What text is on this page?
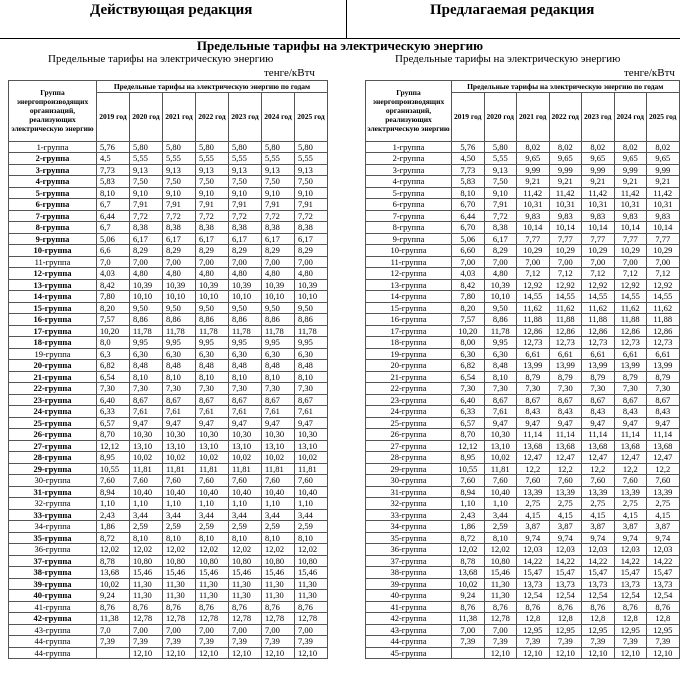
Действующая редакция	Предлагаемая редакция
Предельные тарифы на электрическую энергию
Предельные тарифы на электрическую энергию	Предельные тарифы на электрическую энергию
тенге/кВтч	тенге/кВтч
Группа энергопроизводящих организаций, реализующих электрическую энергию	Предельные тарифы на электрическую энергию по годам						
	2019 год	2020 год	2021 год	2022 год	2023 год	2024 год	2025 год
1-группа	5,76	5,80	5,80	5,80	5,80	5,80	5,80
2-группа	4,5	5,55	5,55	5,55	5,55	5,55	5,55
3-группа	7,73	9,13	9,13	9,13	9,13	9,13	9,13
4-группа	5,83	7,50	7,50	7,50	7,50	7,50	7,50
5-группа	8,10	9,10	9,10	9,10	9,10	9,10	9,10
6-группа	6,7	7,91	7,91	7,91	7,91	7,91	7,91
7-группа	6,44	7,72	7,72	7,72	7,72	7,72	7,72
8-группа	6,7	8,38	8,38	8,38	8,38	8,38	8,38
9-группа	5,06	6,17	6,17	6,17	6,17	6,17	6,17
10-группа	6,6	8,29	8,29	8,29	8,29	8,29	8,29
11-группа	7,0	7,00	7,00	7,00	7,00	7,00	7,00
12-группа	4,03	4,80	4,80	4,80	4,80	4,80	4,80
13-группа	8,42	10,39	10,39	10,39	10,39	10,39	10,39
14-группа	7,80	10,10	10,10	10,10	10,10	10,10	10,10
15-группа	8,20	9,50	9,50	9,50	9,50	9,50	9,50
16-группа	7,57	8,86	8,86	8,86	8,86	8,86	8,86
17-группа	10,20	11,78	11,78	11,78	11,78	11,78	11,78
18-группа	8,0	9,95	9,95	9,95	9,95	9,95	9,95
19-группа	6,3	6,30	6,30	6,30	6,30	6,30	6,30
20-группа	6,82	8,48	8,48	8,48	8,48	8,48	8,48
21-группа	6,54	8,10	8,10	8,10	8,10	8,10	8,10
22-группа	7,30	7,30	7,30	7,30	7,30	7,30	7,30
23-группа	6,40	8,67	8,67	8,67	8,67	8,67	8,67
24-группа	6,33	7,61	7,61	7,61	7,61	7,61	7,61
25-группа	6,57	9,47	9,47	9,47	9,47	9,47	9,47
26-группа	8,70	10,30	10,30	10,30	10,30	10,30	10,30
27-группа	12,12	13,10	13,10	13,10	13,10	13,10	13,10
28-группа	8,95	10,02	10,02	10,02	10,02	10,02	10,02
29-группа	10,55	11,81	11,81	11,81	11,81	11,81	11,81
30-группа	7,60	7,60	7,60	7,60	7,60	7,60	7,60
31-группа	8,94	10,40	10,40	10,40	10,40	10,40	10,40
32-группа	1,10	1,10	1,10	1,10	1,10	1,10	1,10
33-группа	2,43	3,44	3,44	3,44	3,44	3,44	3,44
34-группа	1,86	2,59	2,59	2,59	2,59	2,59	2,59
35-группа	8,72	8,10	8,10	8,10	8,10	8,10	8,10
36-группа	12,02	12,02	12,02	12,02	12,02	12,02	12,02
37-группа	8,78	10,80	10,80	10,80	10,80	10,80	10,80
38-группа	13,68	15,46	15,46	15,46	15,46	15,46	15,46
39-группа	10,02	11,30	11,30	11,30	11,30	11,30	11,30
40-группа	9,24	11,30	11,30	11,30	11,30	11,30	11,30
41-группа	8,76	8,76	8,76	8,76	8,76	8,76	8,76
42-группа	11,38	12,78	12,78	12,78	12,78	12,78	12,78
43-группа	7,0	7,00	7,00	7,00	7,00	7,00	7,00
44-группа	7,39	7,39	7,39	7,39	7,39	7,39	7,39
44-группа		12,10	12,10	12,10	12,10	12,10	12,10
Группа энергопроизводящих организаций, реализующих электрическую энергию	Предельные тарифы на электрическую энергию по годам						
	2019 год	2020 год	2021 год	2022 год	2023 год	2024 год	2025 год
1-группа	5,76	5,80	8,02	8,02	8,02	8,02	8,02
2-группа	4,50	5,55	9,65	9,65	9,65	9,65	9,65
3-группа	7,73	9,13	9,99	9,99	9,99	9,99	9,99
4-группа	5,83	7,50	9,21	9,21	9,21	9,21	9,21
5-группа	8,10	9,10	11,42	11,42	11,42	11,42	11,42
6-группа	6,70	7,91	10,31	10,31	10,31	10,31	10,31
7-группа	6,44	7,72	9,83	9,83	9,83	9,83	9,83
8-группа	6,70	8,38	10,14	10,14	10,14	10,14	10,14
9-группа	5,06	6,17	7,77	7,77	7,77	7,77	7,77
10-группа	6,60	8,29	10,29	10,29	10,29	10,29	10,29
11-группа	7,00	7,00	7,00	7,00	7,00	7,00	7,00
12-группа	4,03	4,80	7,12	7,12	7,12	7,12	7,12
13-группа	8,42	10,39	12,92	12,92	12,92	12,92	12,92
14-группа	7,80	10,10	14,55	14,55	14,55	14,55	14,55
15-группа	8,20	9,50	11,62	11,62	11,62	11,62	11,62
16-группа	7,57	8,86	11,88	11,88	11,88	11,88	11,88
17-группа	10,20	11,78	12,86	12,86	12,86	12,86	12,86
18-группа	8,00	9,95	12,73	12,73	12,73	12,73	12,73
19-группа	6,30	6,30	6,61	6,61	6,61	6,61	6,61
20-группа	6,82	8,48	13,99	13,99	13,99	13,99	13,99
21-группа	6,54	8,10	8,79	8,79	8,79	8,79	8,79
22-группа	7,30	7,30	7,30	7,30	7,30	7,30	7,30
23-группа	6,40	8,67	8,67	8,67	8,67	8,67	8,67
24-группа	6,33	7,61	8,43	8,43	8,43	8,43	8,43
25-группа	6,57	9,47	9,47	9,47	9,47	9,47	9,47
26-группа	8,70	10,30	11,14	11,14	11,14	11,14	11,14
27-группа	12,12	13,10	13,68	13,68	13,68	13,68	13,68
28-группа	8,95	10,02	12,47	12,47	12,47	12,47	12,47
29-группа	10,55	11,81	12,2	12,2	12,2	12,2	12,2
30-группа	7,60	7,60	7,60	7,60	7,60	7,60	7,60
31-группа	8,94	10,40	13,39	13,39	13,39	13,39	13,39
32-группа	1,10	1,10	2,75	2,75	2,75	2,75	2,75
33-группа	2,43	3,44	4,15	4,15	4,15	4,15	4,15
34-группа	1,86	2,59	3,87	3,87	3,87	3,87	3,87
35-группа	8,72	8,10	9,74	9,74	9,74	9,74	9,74
36-группа	12,02	12,02	12,03	12,03	12,03	12,03	12,03
37-группа	8,78	10,80	14,22	14,22	14,22	14,22	14,22
38-группа	13,68	15,46	15,47	15,47	15,47	15,47	15,47
39-группа	10,02	11,30	13,73	13,73	13,73	13,73	13,73
40-группа	9,24	11,30	12,54	12,54	12,54	12,54	12,54
41-группа	8,76	8,76	8,76	8,76	8,76	8,76	8,76
42-группа	11,38	12,78	12,8	12,8	12,8	12,8	12,8
43-группа	7,00	7,00	12,95	12,95	12,95	12,95	12,95
44-группа	7,39	7,39	7,39	7,39	7,39	7,39	7,39
45-группа		12,10	12,10	12,10	12,10	12,10	12,10
